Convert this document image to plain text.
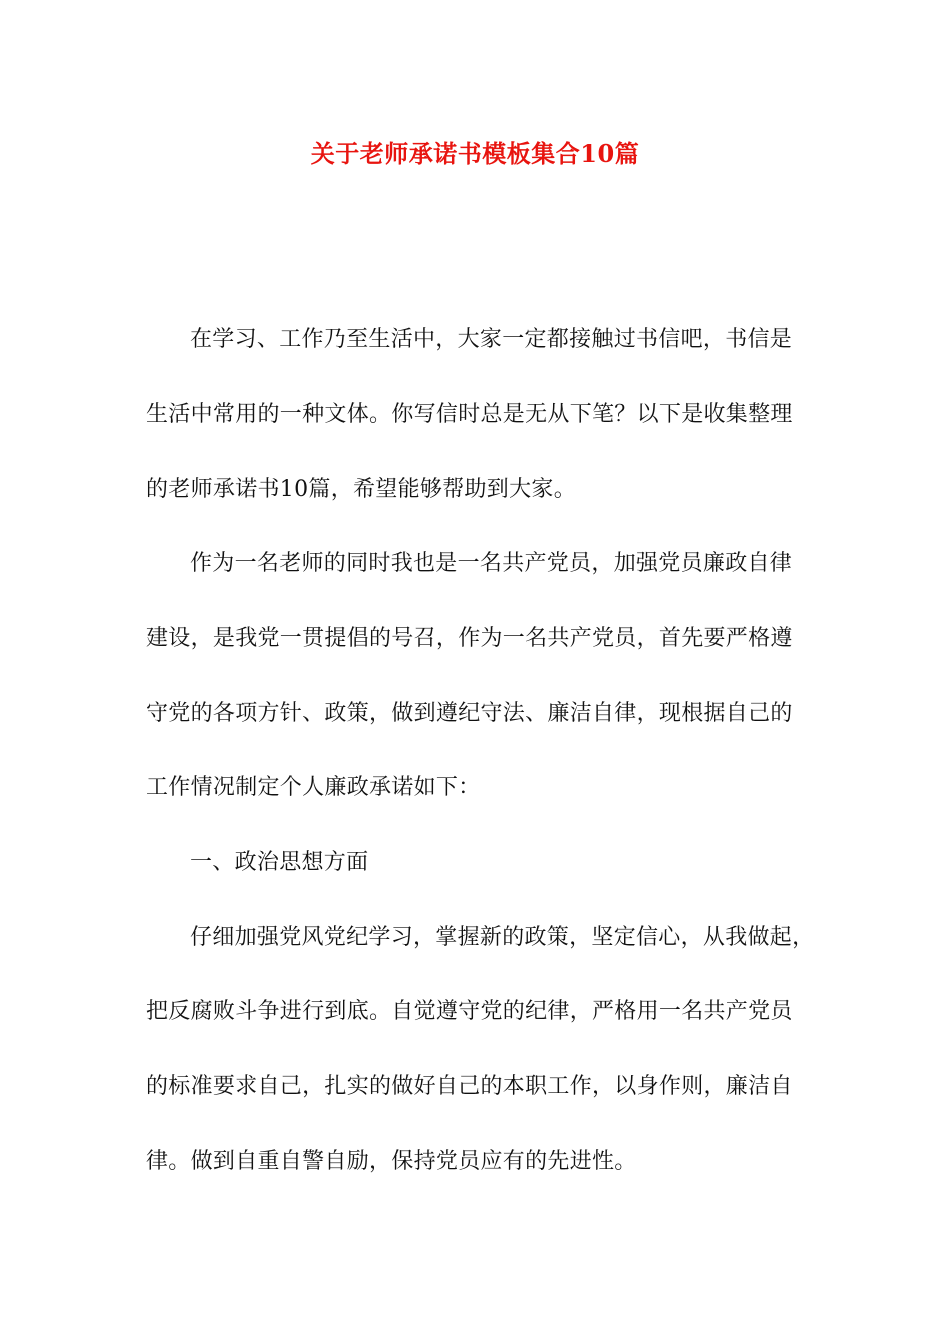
关于老师承诺书模板集合10篇
在学习、工作乃至生活中，大家一定都接触过书信吧，书信是
生活中常用的一种文体。你写信时总是无从下笔？以下是收集整理
的老师承诺书10篇，希望能够帮助到大家。
作为一名老师的同时我也是一名共产党员，加强党员廉政自律
建设，是我党一贯提倡的号召，作为一名共产党员，首先要严格遵
守党的各项方针、政策，做到遵纪守法、廉洁自律，现根据自己的
工作情况制定个人廉政承诺如下：
一、政治思想方面
仔细加强党风党纪学习，掌握新的政策，坚定信心，从我做起，
把反腐败斗争进行到底。自觉遵守党的纪律，严格用一名共产党员
的标准要求自己，扎实的做好自己的本职工作，以身作则，廉洁自
律。做到自重自警自励，保持党员应有的先进性。
